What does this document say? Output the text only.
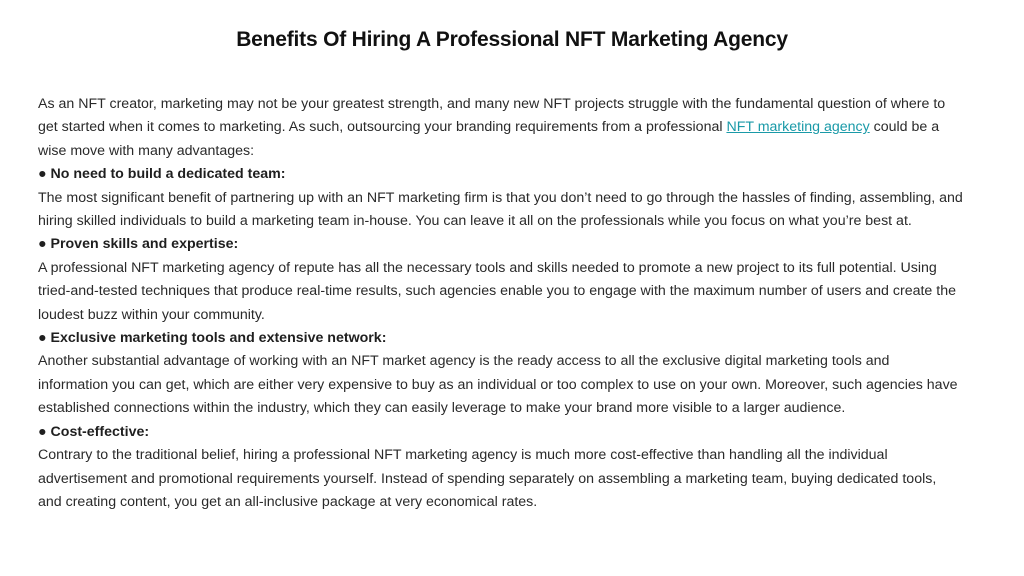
Benefits Of Hiring A Professional NFT Marketing Agency

As an NFT creator, marketing may not be your greatest strength, and many new NFT projects struggle with the fundamental question of where to get started when it comes to marketing. As such, outsourcing your branding requirements from a professional NFT marketing agency could be a wise move with many advantages:

● No need to build a dedicated team:

The most significant benefit of partnering up with an NFT marketing firm is that you don’t need to go through the hassles of finding, assembling, and hiring skilled individuals to build a marketing team in-house. You can leave it all on the professionals while you focus on what you’re best at.

● Proven skills and expertise:

A professional NFT marketing agency of repute has all the necessary tools and skills needed to promote a new project to its full potential. Using tried-and-tested techniques that produce real-time results, such agencies enable you to engage with the maximum number of users and create the loudest buzz within your community.

● Exclusive marketing tools and extensive network:

Another substantial advantage of working with an NFT market agency is the ready access to all the exclusive digital marketing tools and information you can get, which are either very expensive to buy as an individual or too complex to use on your own. Moreover, such agencies have established connections within the industry, which they can easily leverage to make your brand more visible to a larger audience.

● Cost-effective:

Contrary to the traditional belief, hiring a professional NFT marketing agency is much more cost-effective than handling all the individual advertisement and promotional requirements yourself. Instead of spending separately on assembling a marketing team, buying dedicated tools, and creating content, you get an all-inclusive package at very economical rates.
